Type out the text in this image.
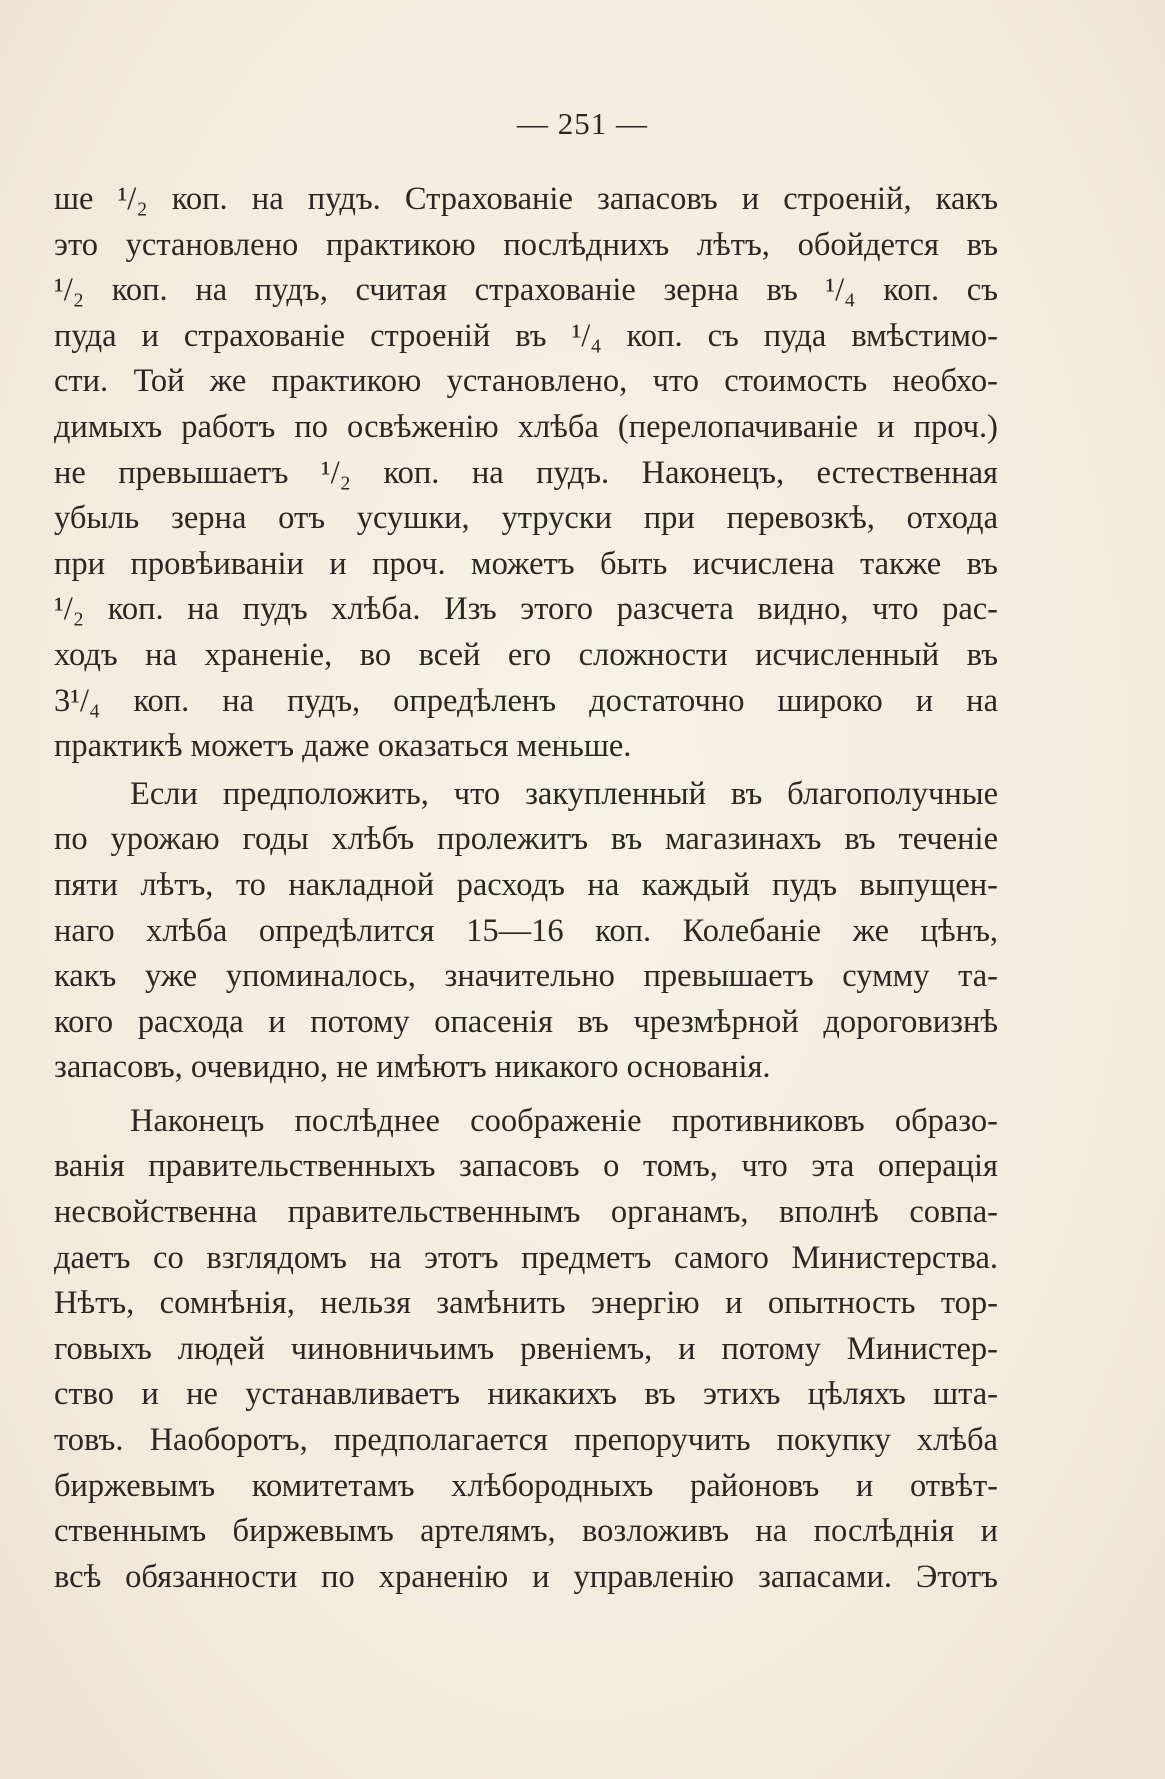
— 251 —
ше ¹/₂ коп. на пудъ. Страхованіе запасовъ и строеній, какъ
это установлено практикою послѣднихъ лѣтъ, обойдется въ
¹/₂ коп. на пудъ, считая страхованіе зерна въ ¹/₄ коп. съ
пуда и страхованіе строеній въ ¹/₄ коп. съ пуда вмѣстимо-
сти. Той же практикою установлено, что стоимость необхо-
димыхъ работъ по освѣженію хлѣба (перелопачиваніе и проч.)
не превышаетъ ¹/₂ коп. на пудъ. Наконецъ, естественная
убыль зерна отъ усушки, утруски при перевозкѣ, отхода
при провѣиваніи и проч. можетъ быть исчислена также въ
¹/₂ коп. на пудъ хлѣба. Изъ этого разсчета видно, что рас-
ходъ на храненіе, во всей его сложности исчисленный въ
3¹/₄ коп. на пудъ, опредѣленъ достаточно широко и на
практикѣ можетъ даже оказаться меньше.
Если предположить, что закупленный въ благополучные
по урожаю годы хлѣбъ пролежитъ въ магазинахъ въ теченіе
пяти лѣтъ, то накладной расходъ на каждый пудъ выпущен-
наго хлѣба опредѣлится 15—16 коп. Колебаніе же цѣнъ,
какъ уже упоминалось, значительно превышаетъ сумму та-
кого расхода и потому опасенія въ чрезмѣрной дороговизнѣ
запасовъ, очевидно, не имѣютъ никакого основанія.
Наконецъ послѣднее соображеніе противниковъ образо-
ванія правительственныхъ запасовъ о томъ, что эта операція
несвойственна правительственнымъ органамъ, вполнѣ совпа-
даетъ со взглядомъ на этотъ предметъ самого Министерства.
Нѣтъ, сомнѣнія, нельзя замѣнить энергію и опытность тор-
говыхъ людей чиновничьимъ рвеніемъ, и потому Министер-
ство и не устанавливаетъ никакихъ въ этихъ цѣляхъ шта-
товъ. Наоборотъ, предполагается препоручить покупку хлѣба
биржевымъ комитетамъ хлѣбородныхъ районовъ и отвѣт-
ственнымъ биржевымъ артелямъ, возложивъ на послѣднія и
всѣ обязанности по храненію и управленію запасами. Этотъ
